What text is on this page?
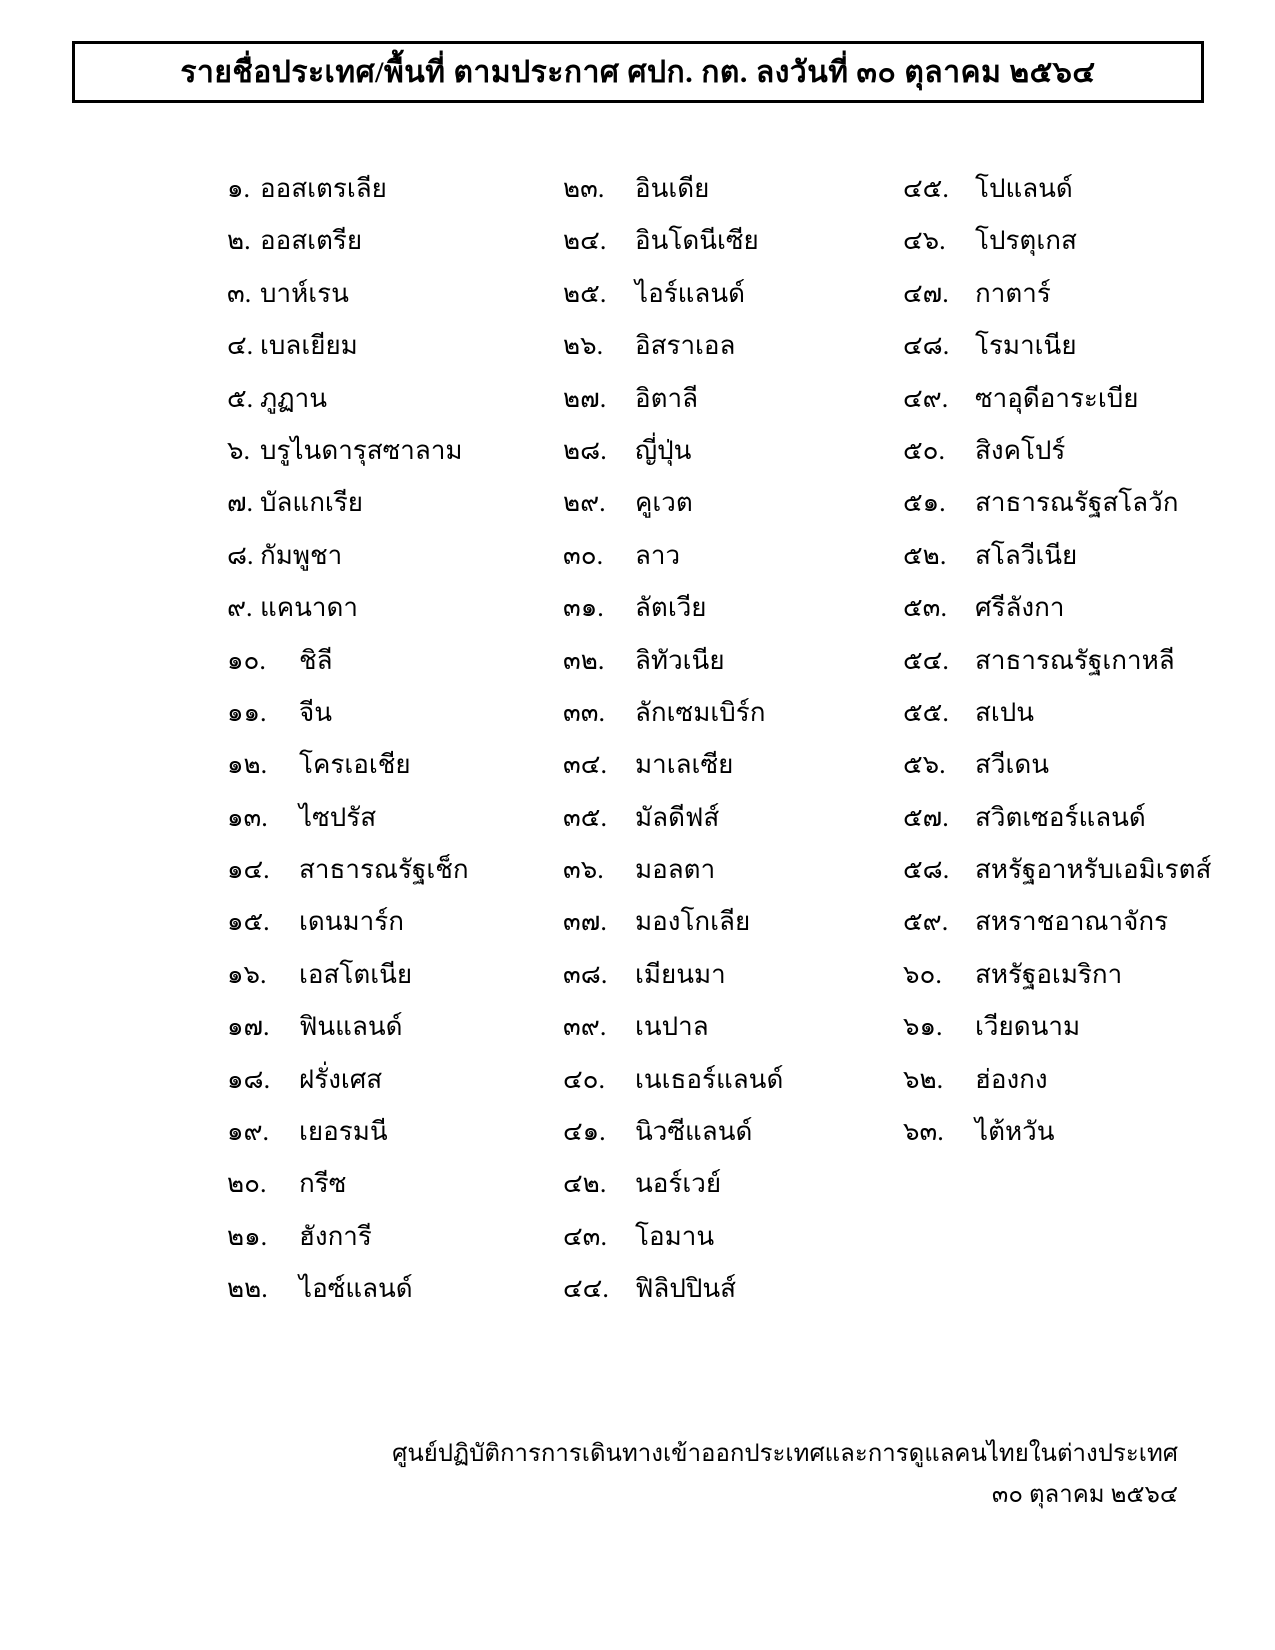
รายชื่อประเทศ/พื้นที่ ตามประกาศ ศปก. กต. ลงวันที่ ๓๐ ตุลาคม ๒๕๖๔
๑. ออสเตรเลีย
๒. ออสเตรีย
๓. บาห์เรน
๔. เบลเยียม
๕. ภูฏาน
๖. บรูไนดารุสซาลาม
๗. บัลแกเรีย
๘. กัมพูชา
๙. แคนาดา
๑๐.	ชิลี
๑๑.	จีน
๑๒.	โครเอเชีย
๑๓.	ไซปรัส
๑๔.	สาธารณรัฐเช็ก
๑๕.	เดนมาร์ก
๑๖.	เอสโตเนีย
๑๗.	ฟินแลนด์
๑๘.	ฝรั่งเศส
๑๙.	เยอรมนี
๒๐.	กรีซ
๒๑.	ฮังการี
๒๒.	ไอซ์แลนด์
๒๓.	อินเดีย
๒๔.	อินโดนีเซีย
๒๕.	ไอร์แลนด์
๒๖.	อิสราเอล
๒๗.	อิตาลี
๒๘.	ญี่ปุ่น
๒๙.	คูเวต
๓๐.	ลาว
๓๑.	ลัตเวีย
๓๒.	ลิทัวเนีย
๓๓.	ลักเซมเบิร์ก
๓๔.	มาเลเซีย
๓๕.	มัลดีฟส์
๓๖.	มอลตา
๓๗.	มองโกเลีย
๓๘.	เมียนมา
๓๙.	เนปาล
๔๐.	เนเธอร์แลนด์
๔๑.	นิวซีแลนด์
๔๒.	นอร์เวย์
๔๓.	โอมาน
๔๔.	ฟิลิปปินส์
๔๕.	โปแลนด์
๔๖.	โปรตุเกส
๔๗.	กาตาร์
๔๘. โรมาเนีย
๔๙.	ซาอุดีอาระเบีย
๕๐.	สิงคโปร์
๕๑.	สาธารณรัฐสโลวัก
๕๒.	สโลวีเนีย
๕๓.	ศรีลังกา
๕๔.	สาธารณรัฐเกาหลี
๕๕.	สเปน
๕๖.	สวีเดน
๕๗.	สวิตเซอร์แลนด์
๕๘. สหรัฐอาหรับเอมิเรตส์
๕๙.	สหราชอาณาจักร
๖๐.	สหรัฐอเมริกา
๖๑.	เวียดนาม
๖๒.	ฮ่องกง
๖๓.	ไต้หวัน
ศูนย์ปฏิบัติการการเดินทางเข้าออกประเทศและการดูแลคนไทยในต่างประเทศ
๓๐ ตุลาคม ๒๕๖๔
